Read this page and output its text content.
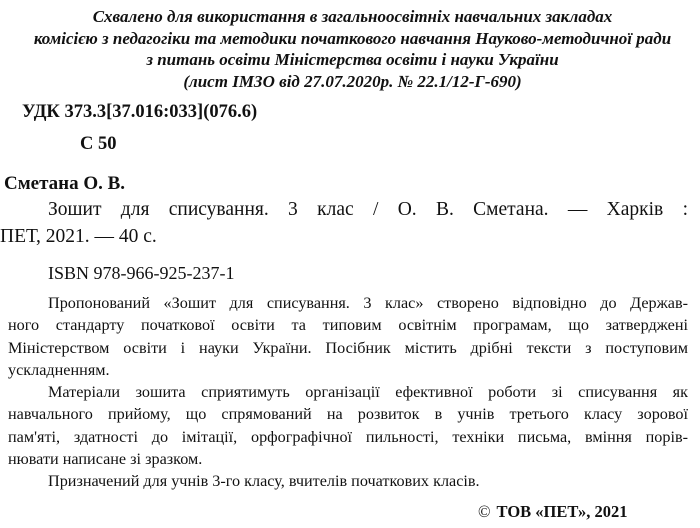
Схвалено для використання в загальноосвітніх навчальних закладах
комісією з педагогіки та методики початкового навчання Науково-методичної ради
з питань освіти Міністерства освіти і науки України
(лист ІМЗО від 27.07.2020р. № 22.1/12-Г-690)
УДК 373.3[37.016:033](076.6)
С 50
Сметана О. В.
Зошит для списування. 3 клас / О. В. Сметана. — Харків :
ПЕТ, 2021. — 40 с.
ISBN 978-966-925-237-1
Пропонований «Зошит для списування. 3 клас» створено відповідно до Держав-
ного стандарту початкової освіти та типовим освітнім програмам, що затверджені
Міністерством освіти і науки України. Посібник містить дрібні тексти з поступовим
ускладненням.
Матеріали зошита сприятимуть організації ефективної роботи зі списування як
навчального прийому, що спрямований на розвиток в учнів третього класу зорової
пам'яті, здатності до імітації, орфографічної пильності, техніки письма, вміння порів-
нювати написане зі зразком.
Призначений для учнів 3-го класу, вчителів початкових класів.
© ТОВ «ПЕТ», 2021
